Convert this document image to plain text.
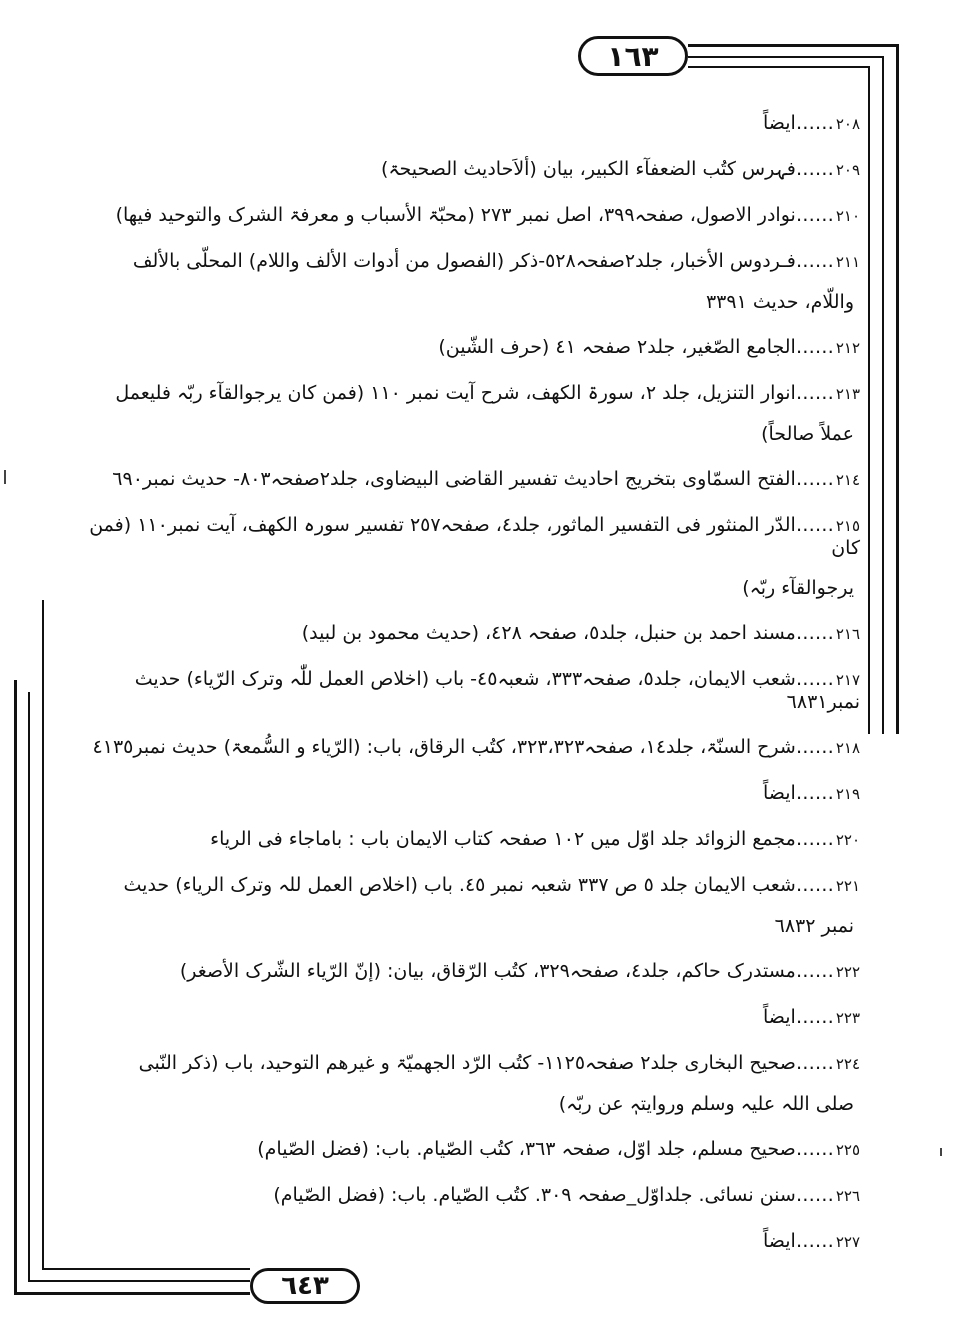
١٦٣
٢٠٨……ایضاً
٢٠٩……فہرس کتُب الضعفآء الکبیر، بیان (ألاَحادیث الصحیحۃ)
٢١٠……نوادر الاصول، صفحہ٣٩٩، اصل نمبر ٢٧٣ (محبّۃ الأسباب و معرفۃ الشرک والتوحید فیھا)
٢١١……فـردوس الأخبار، جلد٢صفحہ٥٢٨-ذکر (الفصول من أدوات الألف واللام) المحلّی بالألف
واللّام، حدیث ٣٣٩١
٢١٢……الجامع الصّغیر، جلد٢ صفحہ ٤١ (حرف الشّین)
٢١٣……انوار التنزیل، جلد ٢، سورۃ الکھف، شرح آیت نمبر ١١٠ (فمن کان یرجوالقآء ربّہ فلیعمل
عملاً صالحاً)
٢١٤……الفتح السمّاوی بتخریج احادیث تفسیر القاضی البیضاوی، جلد٢صفحہ٨٠٣- حدیث نمبر٦٩٠
٢١٥……الدّر المنثور فی التفسیر الماثور، جلد٤، صفحہ٢٥٧ تفسیر سورہ الکھف، آیت نمبر١١٠ (فمن کان
یرجوالقآء ربّہ)
٢١٦……مسند احمد بن حنبل، جلد٥، صفحہ ٤٢٨، (حدیث محمود بن لبید)
٢١٧……شعب الایمان، جلد٥، صفحہ٣٣٣، شعبہ٤٥- باب (اخلاص العمل للّٰہ وترک الرّیاء) حدیث نمبر٦٨٣١
٢١٨……شرح السنّۃ، جلد١٤، صفحہ٣٢٣،٣٢٣، کتُب الرقاق، باب: (الرّیاء و السُّمعۃ) حدیث نمبر٤١٣٥
٢١٩……ایضاً
٢٢٠……مجمع الزوائد جلد اوّل میں ١٠٢ صفحہ کتاب الایمان باب : باماجاء فی الریاء
٢٢١……شعب الایمان جلد ٥ ص ٣٣٧ شعبہ نمبر ٤٥. باب (اخلاص العمل للہ وترک الریاء) حدیث
نمبر ٦٨٣٢
٢٢٢……مستدرک حاکم، جلد٤، صفحہ٣٢٩، کتُب الرّقاق، بیان: (إنّ الرّیاء الشّرک الأصغر)
٢٢٣……ایضاً
٢٢٤……صحیح البخاری جلد٢ صفحہ١١٢٥- کتُب الرّد الجھمیّۃ و غیرھم التوحید، باب (ذکر النّبی
صلی اللہ علیہ وسلم وروایتہٖ عن ربّہ)
٢٢٥……صحیح مسلم، جلد اوّل، صفحہ ٣٦٣، کتُب الصّیام. باب: (فضل الصّیام)
٢٢٦……سنن نسائی. جلداوّل_صفحہ ٣٠٩. کتُب الصّیام. باب: (فضل الصّیام)
٢٢٧……ایضاً
٦٤٣
